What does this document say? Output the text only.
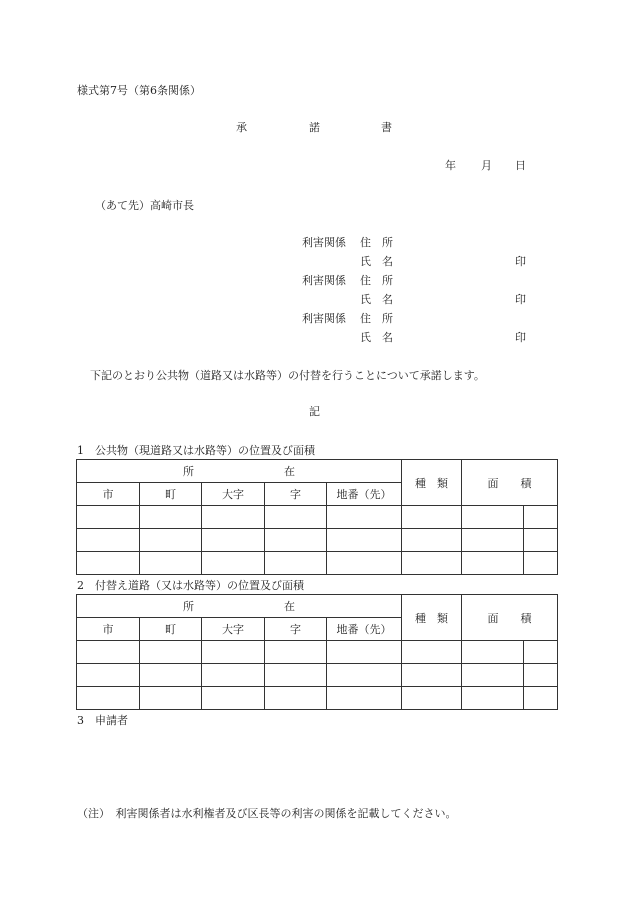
様式第7号（第6条関係）
承	諾	書
年 月 日
（あて先）高崎市長
利害関係 住　所
氏　名	印
利害関係 住　所
氏　名	印
利害関係 住　所
氏　名	印
下記のとおり公共物（道路又は水路等）の付替を行うことについて承諾します。
記
1　公共物（現道路又は水路等）の位置及び面積
所 在					種　類	面　　積	
市	町	大字	字	地番（先）			

2　付替え道路（又は水路等）の位置及び面積
所 在					種　類	面　　積	
市	町	大字	字	地番（先）			

3　申請者
（注）　利害関係者は水利権者及び区長等の利害の関係を記載してください。
